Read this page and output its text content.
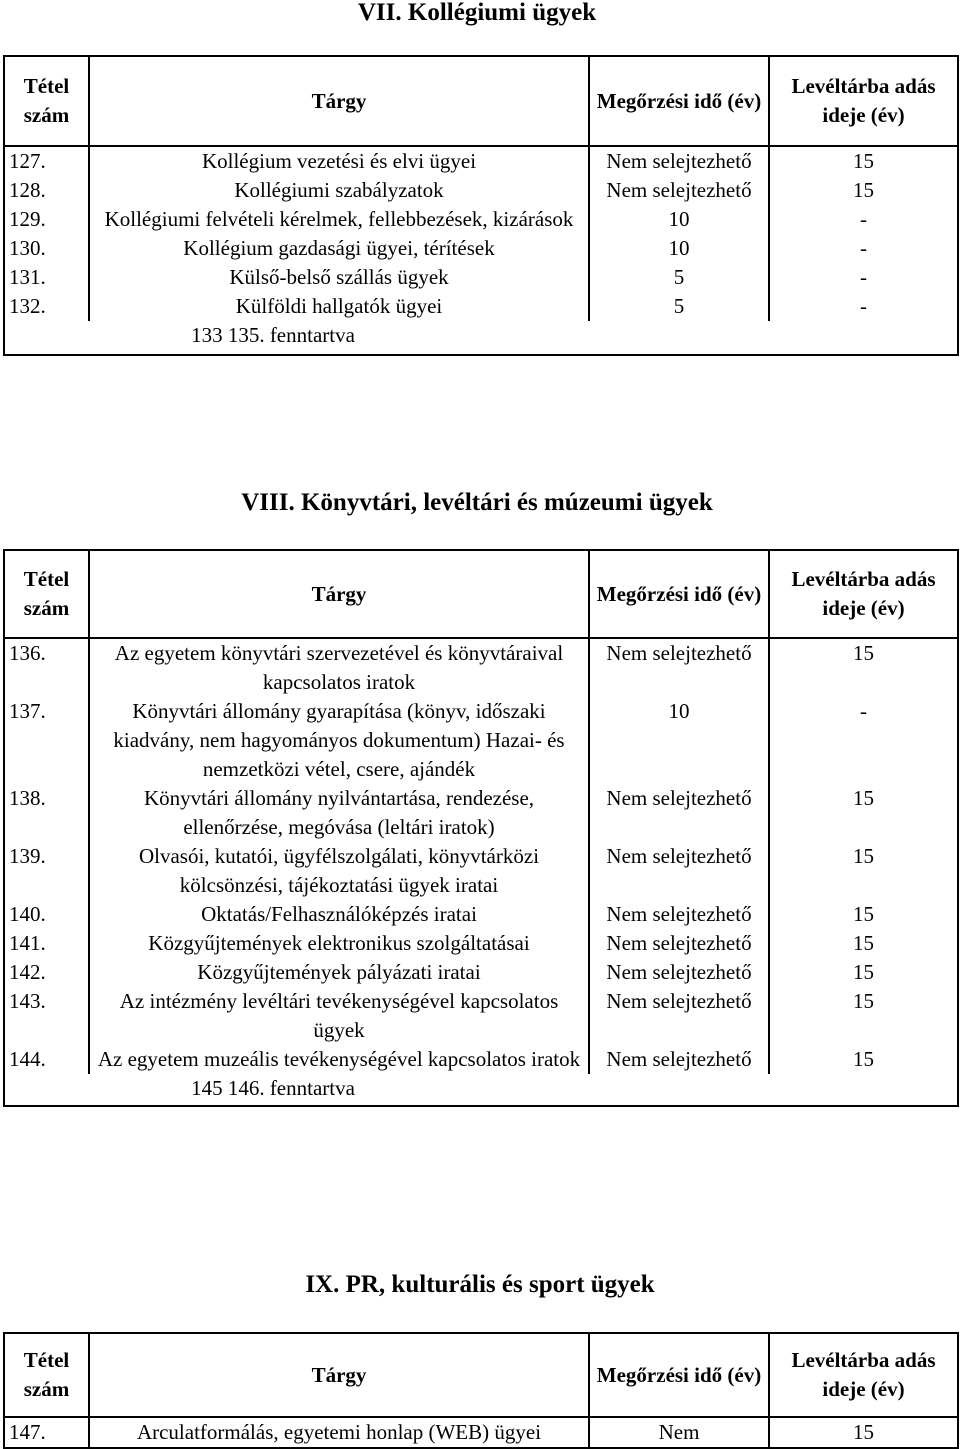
VII. Kollégiumi ügyek
Tétel szám	Tárgy	Megőrzési idő (év)	Levéltárba adás ideje (év)
127.	Kollégium vezetési és elvi ügyei	Nem selejtezhető	15
128.	Kollégiumi szabályzatok	Nem selejtezhető	15
129.	Kollégiumi felvételi kérelmek, fellebbezések, kizárások	10	-
130.	Kollégium gazdasági ügyei, térítések	10	-
131.	Külső-belső szállás ügyek	5	-
132.	Külföldi hallgatók ügyei	5	-
133 135. fenntartva			
VIII. Könyvtári, levéltári és múzeumi ügyek
Tétel szám	Tárgy	Megőrzési idő (év)	Levéltárba adás ideje (év)
136.	Az egyetem könyvtári szervezetével és könyvtáraival kapcsolatos iratok	Nem selejtezhető	15
137.	Könyvtári állomány gyarapítása (könyv, időszaki kiadvány, nem hagyományos dokumentum) Hazai- és nemzetközi vétel, csere, ajándék	10	-
138.	Könyvtári állomány nyilvántartása, rendezése, ellenőrzése, megóvása (leltári iratok)	Nem selejtezhető	15
139.	Olvasói, kutatói, ügyfélszolgálati, könyvtárközi kölcsönzési, tájékoztatási ügyek iratai	Nem selejtezhető	15
140.	Oktatás/Felhasználóképzés iratai	Nem selejtezhető	15
141.	Közgyűjtemények elektronikus szolgáltatásai	Nem selejtezhető	15
142.	Közgyűjtemények pályázati iratai	Nem selejtezhető	15
143.	Az intézmény levéltári tevékenységével kapcsolatos ügyek	Nem selejtezhető	15
144.	Az egyetem muzeális tevékenységével kapcsolatos iratok	Nem selejtezhető	15
145 146. fenntartva			
IX. PR, kulturális és sport ügyek
Tétel szám	Tárgy	Megőrzési idő (év)	Levéltárba adás ideje (év)
147.	Arculatformálás, egyetemi honlap (WEB) ügyei	Nem	15
